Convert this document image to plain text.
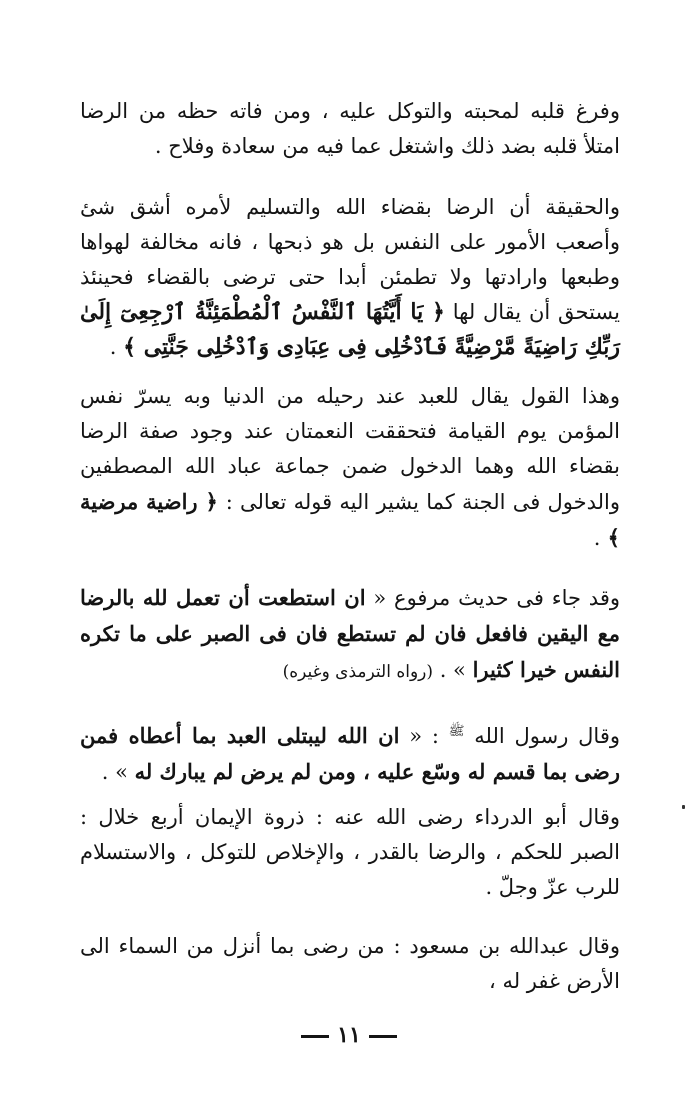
وفرغ قلبه لمحبته والتوكل عليه ، ومن فاته حظه من الرضا امتلأ قلبه بضد ذلك واشتغل عما فيه من سعادة وفلاح .

والحقيقة أن الرضا بقضاء الله والتسليم لأمره أشق شئ وأصعب الأمور على النفس بل هو ذبحها ، فانه مخالفة لهواها وطبعها وارادتها ولا تطمئن أبدا حتى ترضى بالقضاء فحينئذ يستحق أن يقال لها ﴿ يَا أَيَّتُهَا ٱلنَّفْسُ ٱلْمُطْمَئِنَّةُ ٱرْجِعِىٓ إِلَىٰ رَبِّكِ رَاضِيَةً مَّرْضِيَّةً فَٱدْخُلِى فِى عِبَادِى وَٱدْخُلِى جَنَّتِى ﴾ .

وهذا القول يقال للعبد عند رحيله من الدنيا وبه يسرّ نفس المؤمن يوم القيامة فتحققت النعمتان عند وجود صفة الرضا بقضاء الله وهما الدخول ضمن جماعة عباد الله المصطفين والدخول فى الجنة كما يشير اليه قوله تعالى : ﴿ راضية مرضية ﴾ .

وقد جاء فى حديث مرفوع « ان استطعت أن تعمل لله بالرضا مع اليقين فافعل فان لم تستطع فان فى الصبر على ما تكره النفس خيرا كثيرا » . (رواه الترمذى وغيره)

وقال رسول الله $^ﷺ$ : « ان الله ليبتلى العبد بما أعطاه فمن رضى بما قسم له وسّع عليه ، ومن لم يرض لم يبارك له » .

وقال أبو الدرداء رضى الله عنه : ذروة الإيمان أربع خلال : الصبر للحكم ، والرضا بالقدر ، والإخلاص للتوكل ، والاستسلام للرب عزّ وجلّ .

وقال عبدالله بن مسعود : من رضى بما أنزل من السماء الى الأرض غفر له ،

١١
